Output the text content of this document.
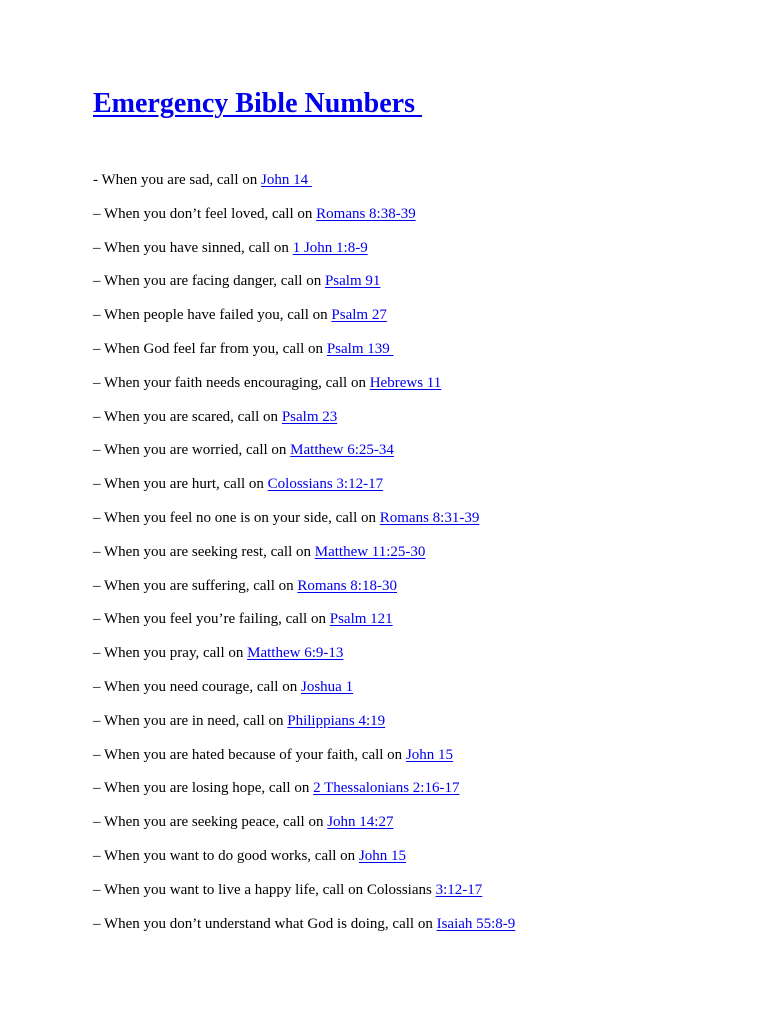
Emergency Bible Numbers
- When you are sad, call on John 14
– When you don’t feel loved, call on Romans 8:38-39
– When you have sinned, call on 1 John 1:8-9
– When you are facing danger, call on Psalm 91
– When people have failed you, call on Psalm 27
– When God feel far from you, call on Psalm 139
– When your faith needs encouraging, call on Hebrews 11
– When you are scared, call on Psalm 23
– When you are worried, call on Matthew 6:25-34
– When you are hurt, call on Colossians 3:12-17
– When you feel no one is on your side, call on Romans 8:31-39
– When you are seeking rest, call on Matthew 11:25-30
– When you are suffering, call on Romans 8:18-30
– When you feel you’re failing, call on Psalm 121
– When you pray, call on Matthew 6:9-13
– When you need courage, call on Joshua 1
– When you are in need, call on Philippians 4:19
– When you are hated because of your faith, call on John 15
– When you are losing hope, call on 2 Thessalonians 2:16-17
– When you are seeking peace, call on John 14:27
– When you want to do good works, call on John 15
– When you want to live a happy life, call on Colossians 3:12-17
– When you don’t understand what God is doing, call on Isaiah 55:8-9
